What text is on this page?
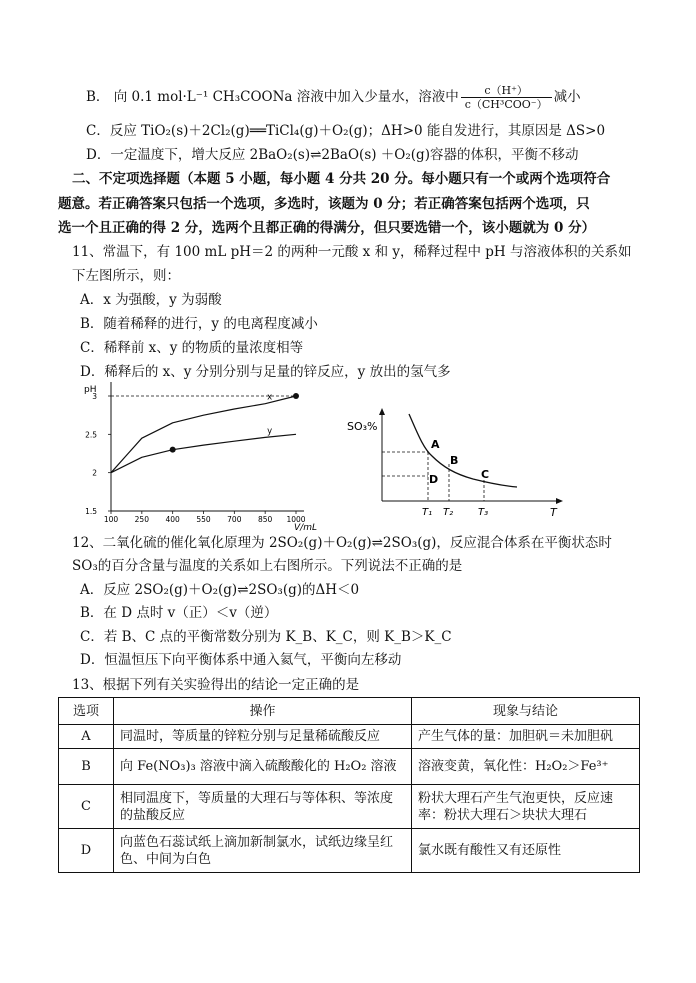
B． 向 0.1 mol·L⁻¹ CH₃COONa 溶液中加入少量水，溶液中 $\frac{c(H^+)}{\text{c（CH³COO⁻）}}$ 减小
C．反应 TiO₂(s)＋2Cl₂(g)══TiCl₄(g)＋O₂(g)；ΔH>0 能自发进行，其原因是 ΔS>0
D．一定温度下，增大反应 2BaO₂(s)⇌2BaO(s) ＋O₂(g)容器的体积，平衡不移动
二、不定项选择题（本题 5 小题，每小题 4 分共 20 分。每小题只有一个或两个选项符合
题意。若正确答案只包括一个选项，多选时，该题为 0 分；若正确答案包括两个选项，只
选一个且正确的得 2 分，选两个且都正确的得满分，但只要选错一个，该小题就为 0 分）
11、常温下，有 100 mL pH＝2 的两种一元酸 x 和 y，稀释过程中 pH 与溶液体积的关系如
下左图所示，则：
A．x 为强酸，y 为弱酸
B．随着稀释的进行，y 的电离程度减小
C．稀释前 x、y 的物质的量浓度相等
D．稀释后的 x、y 分别分别与足量的锌反应，y 放出的氢气多
pH
V/mL
1.5
2
2.5
3
100 250 400 550 700 850 1000
x
y	SO₃%
T
A
B
C
D
T₁ T₂ T₃
12、二氧化硫的催化氧化原理为 2SO₂(g)＋O₂(g)⇌2SO₃(g)，反应混合体系在平衡状态时
SO₃的百分含量与温度的关系如上右图所示。下列说法不正确的是
A．反应 2SO₂(g)＋O₂(g)⇌2SO₃(g)的ΔH＜0
B．在 D 点时 v（正）＜v（逆）
C．若 B、C 点的平衡常数分别为 K_B、K_C，则 K_B＞K_C
D．恒温恒压下向平衡体系中通入氦气，平衡向左移动
13、根据下列有关实验得出的结论一定正确的是
选项	操作	现象与结论
A	同温时，等质量的锌粒分别与足量稀硫酸反应	产生气体的量：加胆矾＝未加胆矾
B	向 Fe(NO₃)₃ 溶液中滴入硫酸酸化的 H₂O₂ 溶液	溶液变黄，氧化性：H₂O₂＞Fe³⁺
C	相同温度下，等质量的大理石与等体积、等浓度的盐酸反应	粉状大理石产生气泡更快，反应速率：粉状大理石＞块状大理石
D	向蓝色石蕊试纸上滴加新制氯水，试纸边缘呈红色、中间为白色	氯水既有酸性又有还原性
